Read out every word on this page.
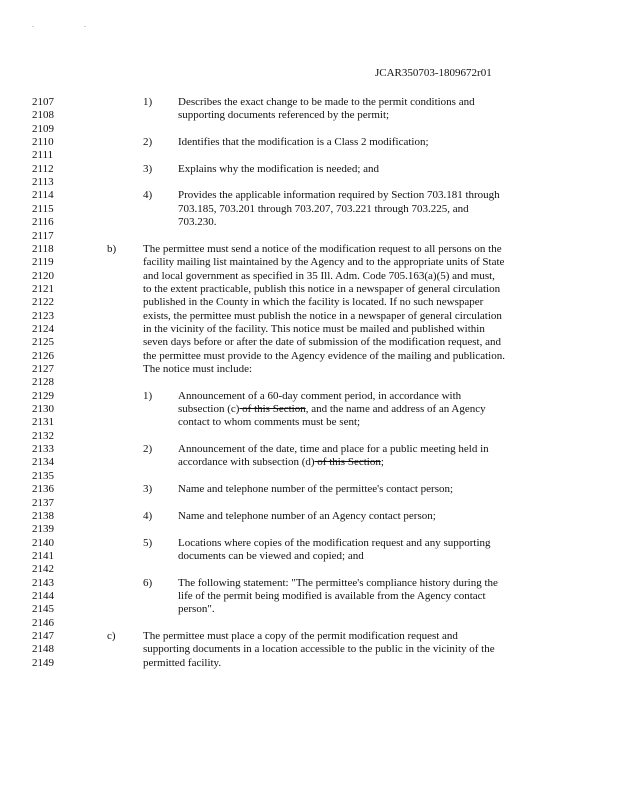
. .
JCAR350703-1809672r01
2107	1) Describes the exact change to be made to the permit conditions and
2108	supporting documents referenced by the permit;
2109
2110	2) Identifies that the modification is a Class 2 modification;
2111
2112	3) Explains why the modification is needed; and
2113
2114	4) Provides the applicable information required by Section 703.181 through
2115	703.185, 703.201 through 703.207, 703.221 through 703.225, and
2116	703.230.
2117
2118	b) The permittee must send a notice of the modification request to all persons on the
2119	facility mailing list maintained by the Agency and to the appropriate units of State
2120	and local government as specified in 35 Ill. Adm. Code 705.163(a)(5) and must,
2121	to the extent practicable, publish this notice in a newspaper of general circulation
2122	published in the County in which the facility is located. If no such newspaper
2123	exists, the permittee must publish the notice in a newspaper of general circulation
2124	in the vicinity of the facility. This notice must be mailed and published within
2125	seven days before or after the date of submission of the modification request, and
2126	the permittee must provide to the Agency evidence of the mailing and publication.
2127	The notice must include:
2128
2129	1) Announcement of a 60-day comment period, in accordance with
2130	subsection (c) of this Section, and the name and address of an Agency
2131	contact to whom comments must be sent;
2132
2133	2) Announcement of the date, time and place for a public meeting held in
2134	accordance with subsection (d) of this Section;
2135
2136	3) Name and telephone number of the permittee's contact person;
2137
2138	4) Name and telephone number of an Agency contact person;
2139
2140	5) Locations where copies of the modification request and any supporting
2141	documents can be viewed and copied; and
2142
2143	6) The following statement: "The permittee's compliance history during the
2144	life of the permit being modified is available from the Agency contact
2145	person".
2146
2147	c) The permittee must place a copy of the permit modification request and
2148	supporting documents in a location accessible to the public in the vicinity of the
2149	permitted facility.
